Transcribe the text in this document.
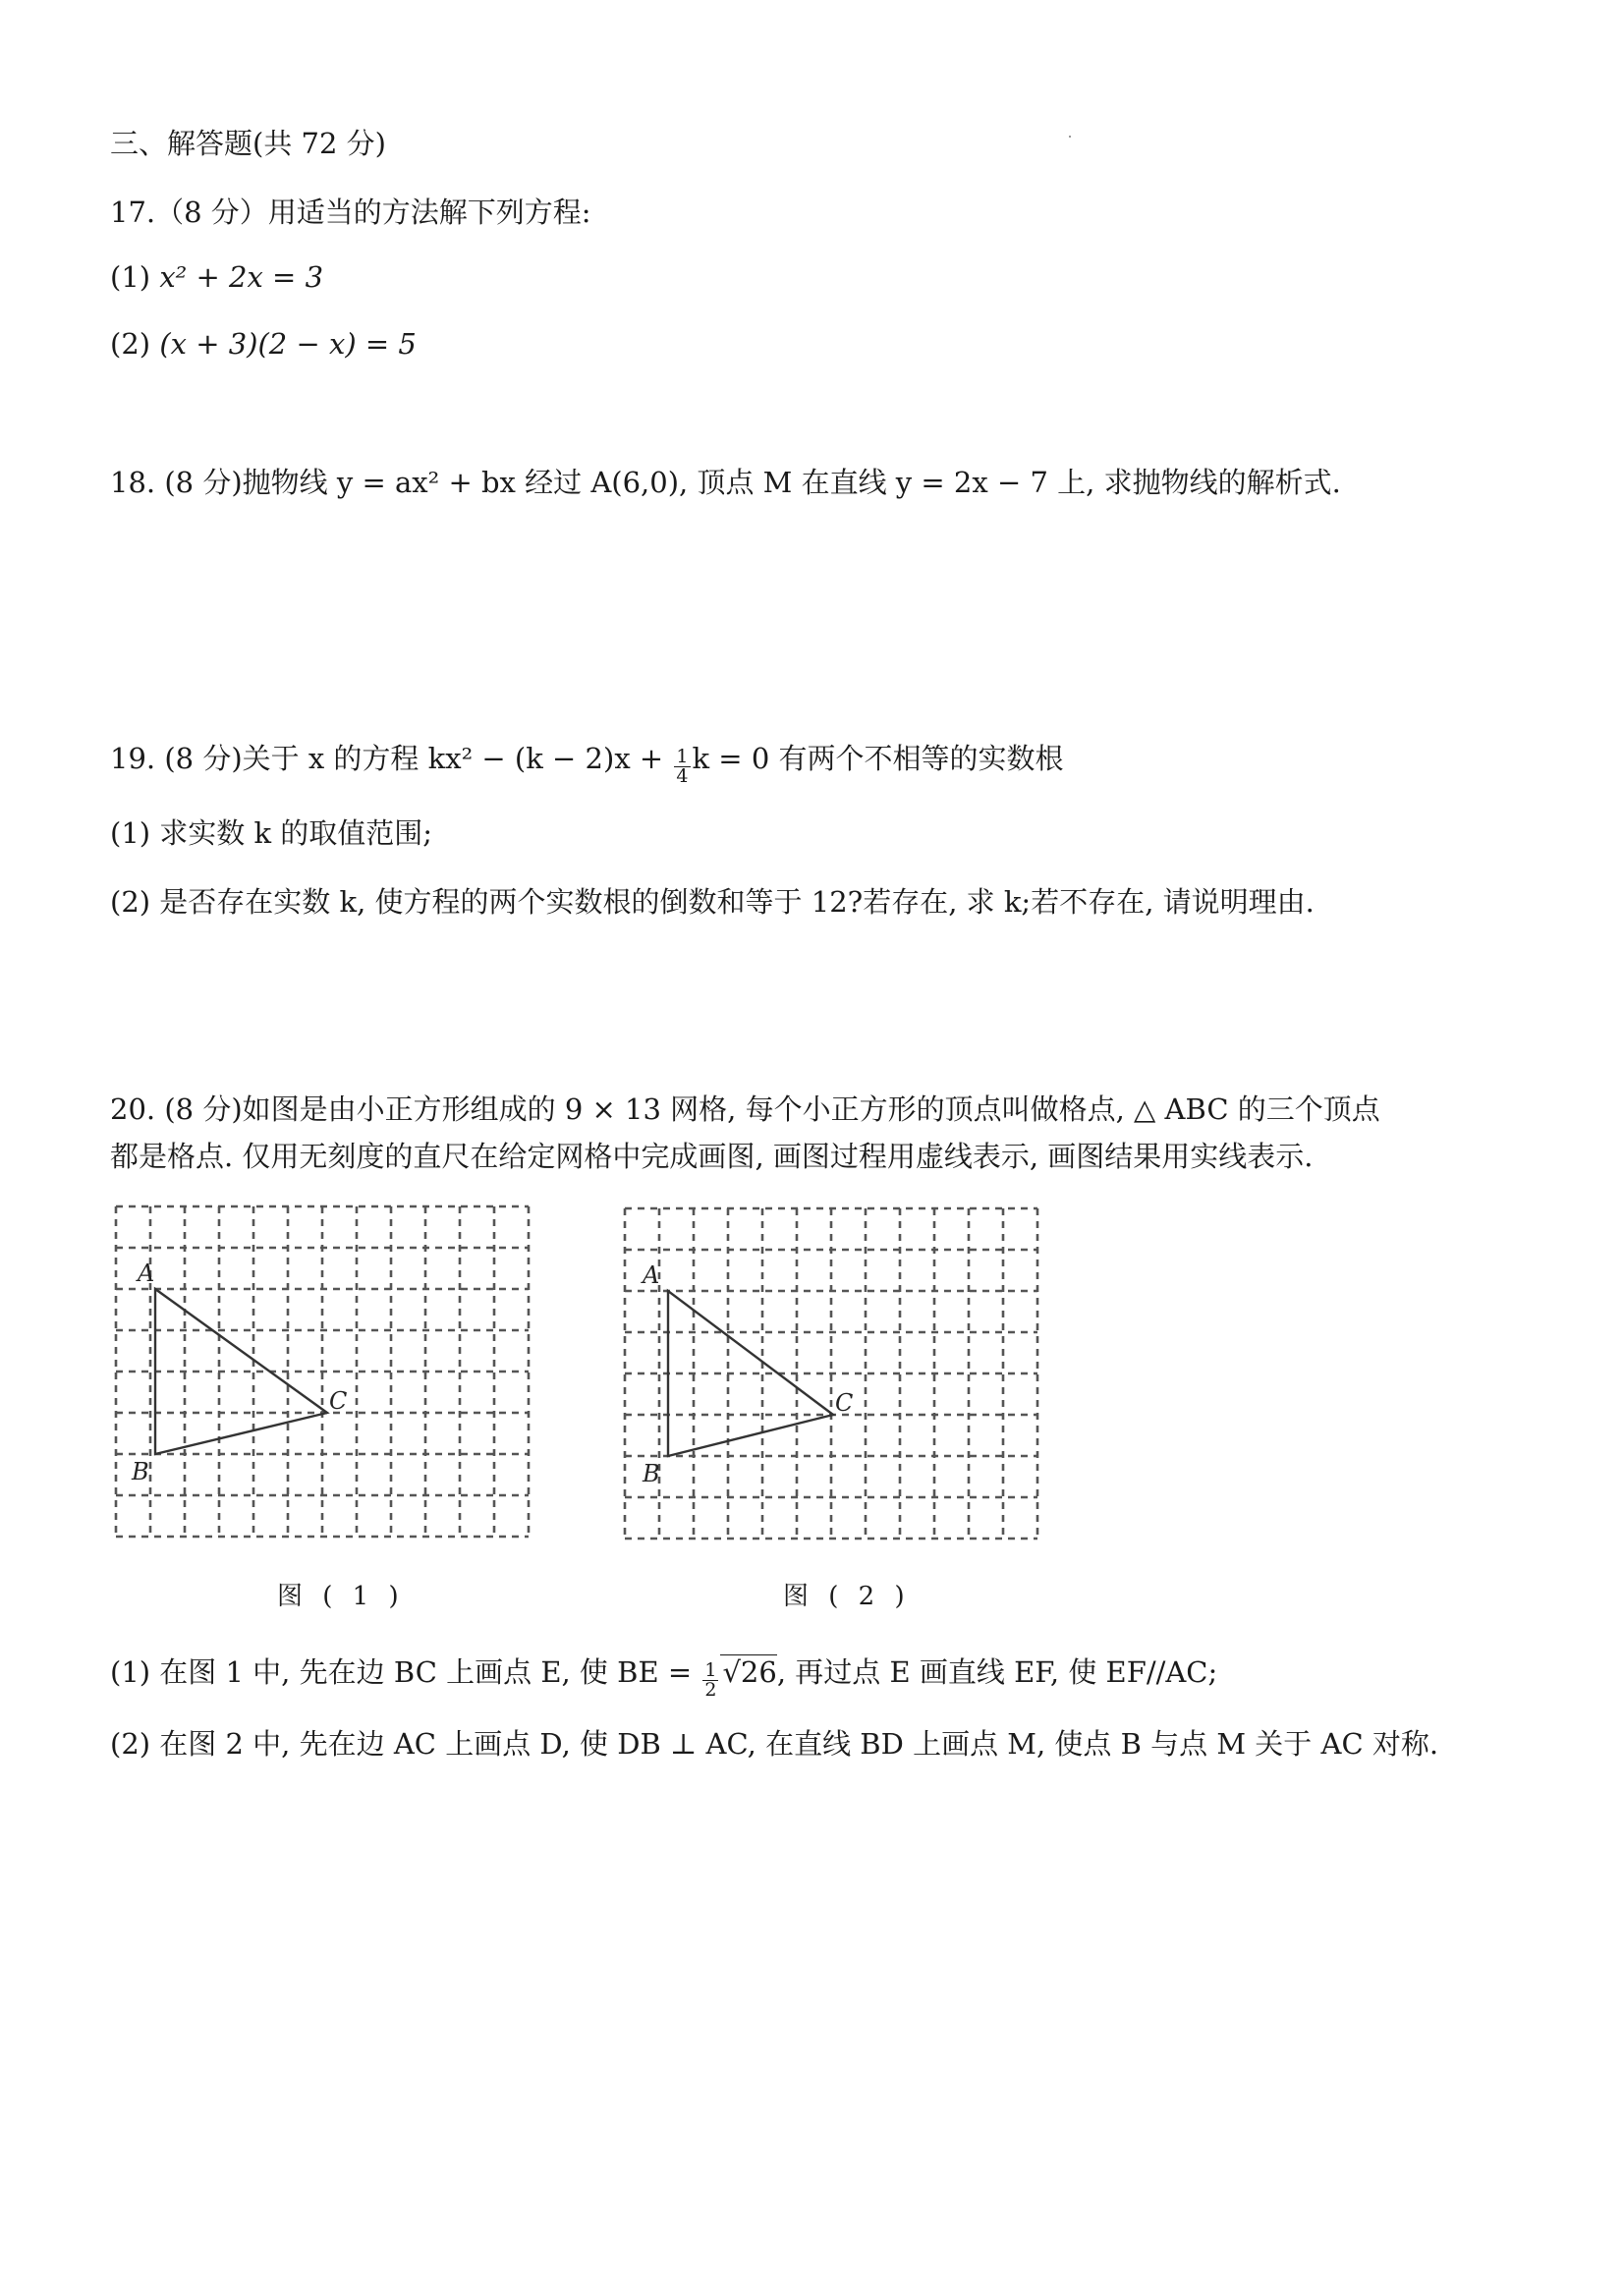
三、解答题(共 72 分)
17.（8 分）用适当的方法解下列方程:
(1) x² + 2x = 3
(2) (x + 3)(2 − x) = 5
18. (8 分)抛物线 y = ax² + bx 经过 A(6,0), 顶点 M 在直线 y = 2x − 7 上, 求抛物线的解析式.
19. (8 分)关于 x 的方程 $kx^2 - (k - 2)x + \frac{1}{4}$ k = 0 有两个不相等的实数根
(1) 求实数 k 的取值范围;
(2) 是否存在实数 k, 使方程的两个实数根的倒数和等于 12?若存在, 求 k;若不存在, 请说明理由.
20. (8 分)如图是由小正方形组成的 9 × 13 网格, 每个小正方形的顶点叫做格点, △ ABC 的三个顶点
都是格点. 仅用无刻度的直尺在给定网格中完成画图, 画图过程用虚线表示, 画图结果用实线表示.
A
B
C
图 ( 1 )
A
B
C
图 ( 2 )
(1) 在图 1 中, 先在边 BC 上画点 E, 使 BE = $\frac{1}{2} √26$, 再过点 E 画直线 EF, 使 EF//AC;
(2) 在图 2 中, 先在边 AC 上画点 D, 使 DB ⊥ AC, 在直线 BD 上画点 M, 使点 B 与点 M 关于 AC 对称.
